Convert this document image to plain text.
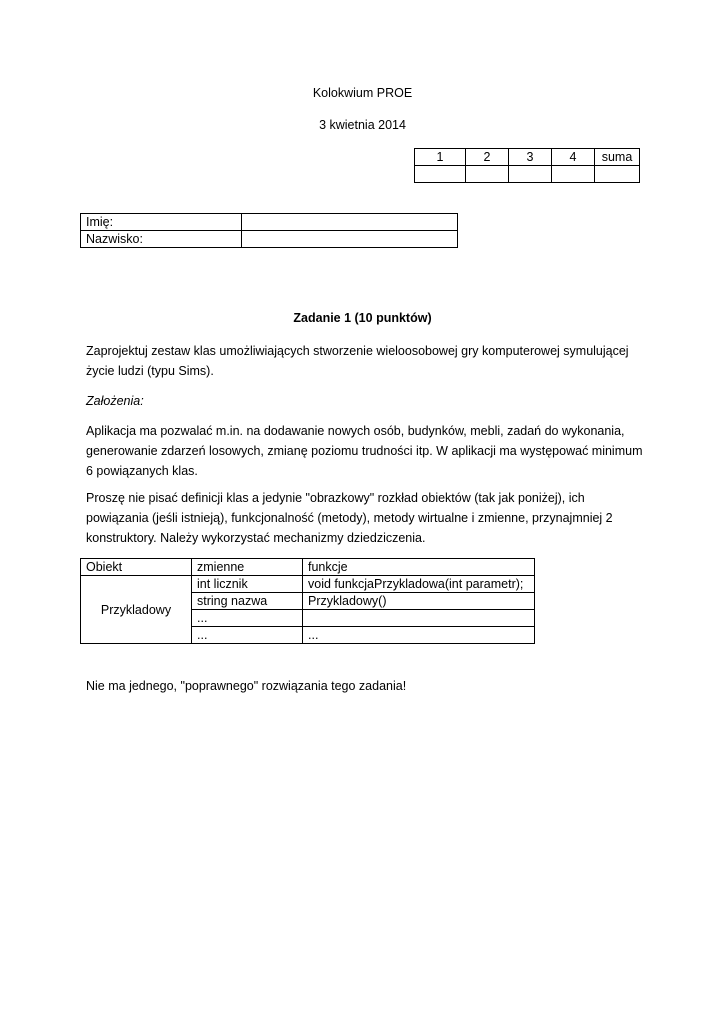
Kolokwium PROE
3 kwietnia 2014
1	2	3	4	suma

Imię:	
Nazwisko:	
Zadanie 1 (10 punktów)

Zaprojektuj zestaw klas umożliwiających stworzenie wieloosobowej gry komputerowej symulującej życie ludzi (typu Sims).

Założenia:

Aplikacja ma pozwalać m.in. na dodawanie nowych osób, budynków, mebli, zadań do wykonania, generowanie zdarzeń losowych, zmianę poziomu trudności itp. W aplikacji ma występować minimum 6 powiązanych klas.

Proszę nie pisać definicji klas a jedynie "obrazkowy" rozkład obiektów (tak jak poniżej), ich powiązania (jeśli istnieją), funkcjonalność (metody), metody wirtualne i zmienne, przynajmniej 2 konstruktory. Należy wykorzystać mechanizmy dziedziczenia.

Obiekt	zmienne	funkcje
Przykladowy	int licznik	void funkcjaPrzykladowa(int parametr);
	string nazwa	Przykladowy()
	...	
	...	...

Nie ma jednego, "poprawnego" rozwiązania tego zadania!
